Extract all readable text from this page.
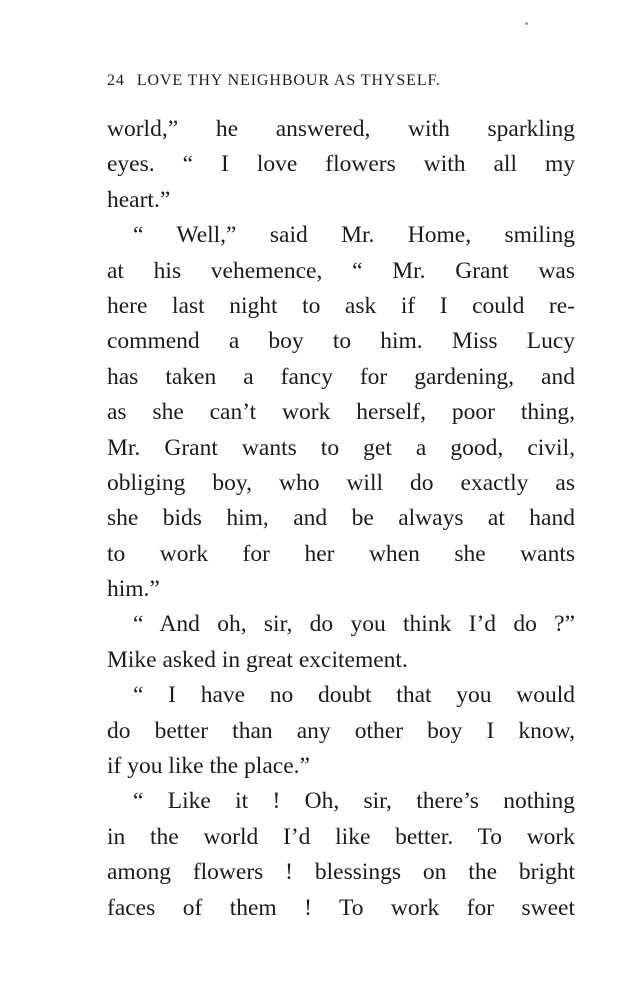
24 LOVE THY NEIGHBOUR AS THYSELF.
world,” he answered, with sparkling
eyes. “ I love flowers with all my
heart.”
“ Well,” said Mr. Home, smiling
at his vehemence, “ Mr. Grant was
here last night to ask if I could re-
commend a boy to him. Miss Lucy
has taken a fancy for gardening, and
as she can’t work herself, poor thing,
Mr. Grant wants to get a good, civil,
obliging boy, who will do exactly as
she bids him, and be always at hand
to work for her when she wants
him.”
“ And oh, sir, do you think I’d do ?”
Mike asked in great excitement.
“ I have no doubt that you would
do better than any other boy I know,
if you like the place.”
“ Like it ! Oh, sir, there’s nothing
in the world I’d like better. To work
among flowers ! blessings on the bright
faces of them ! To work for sweet
